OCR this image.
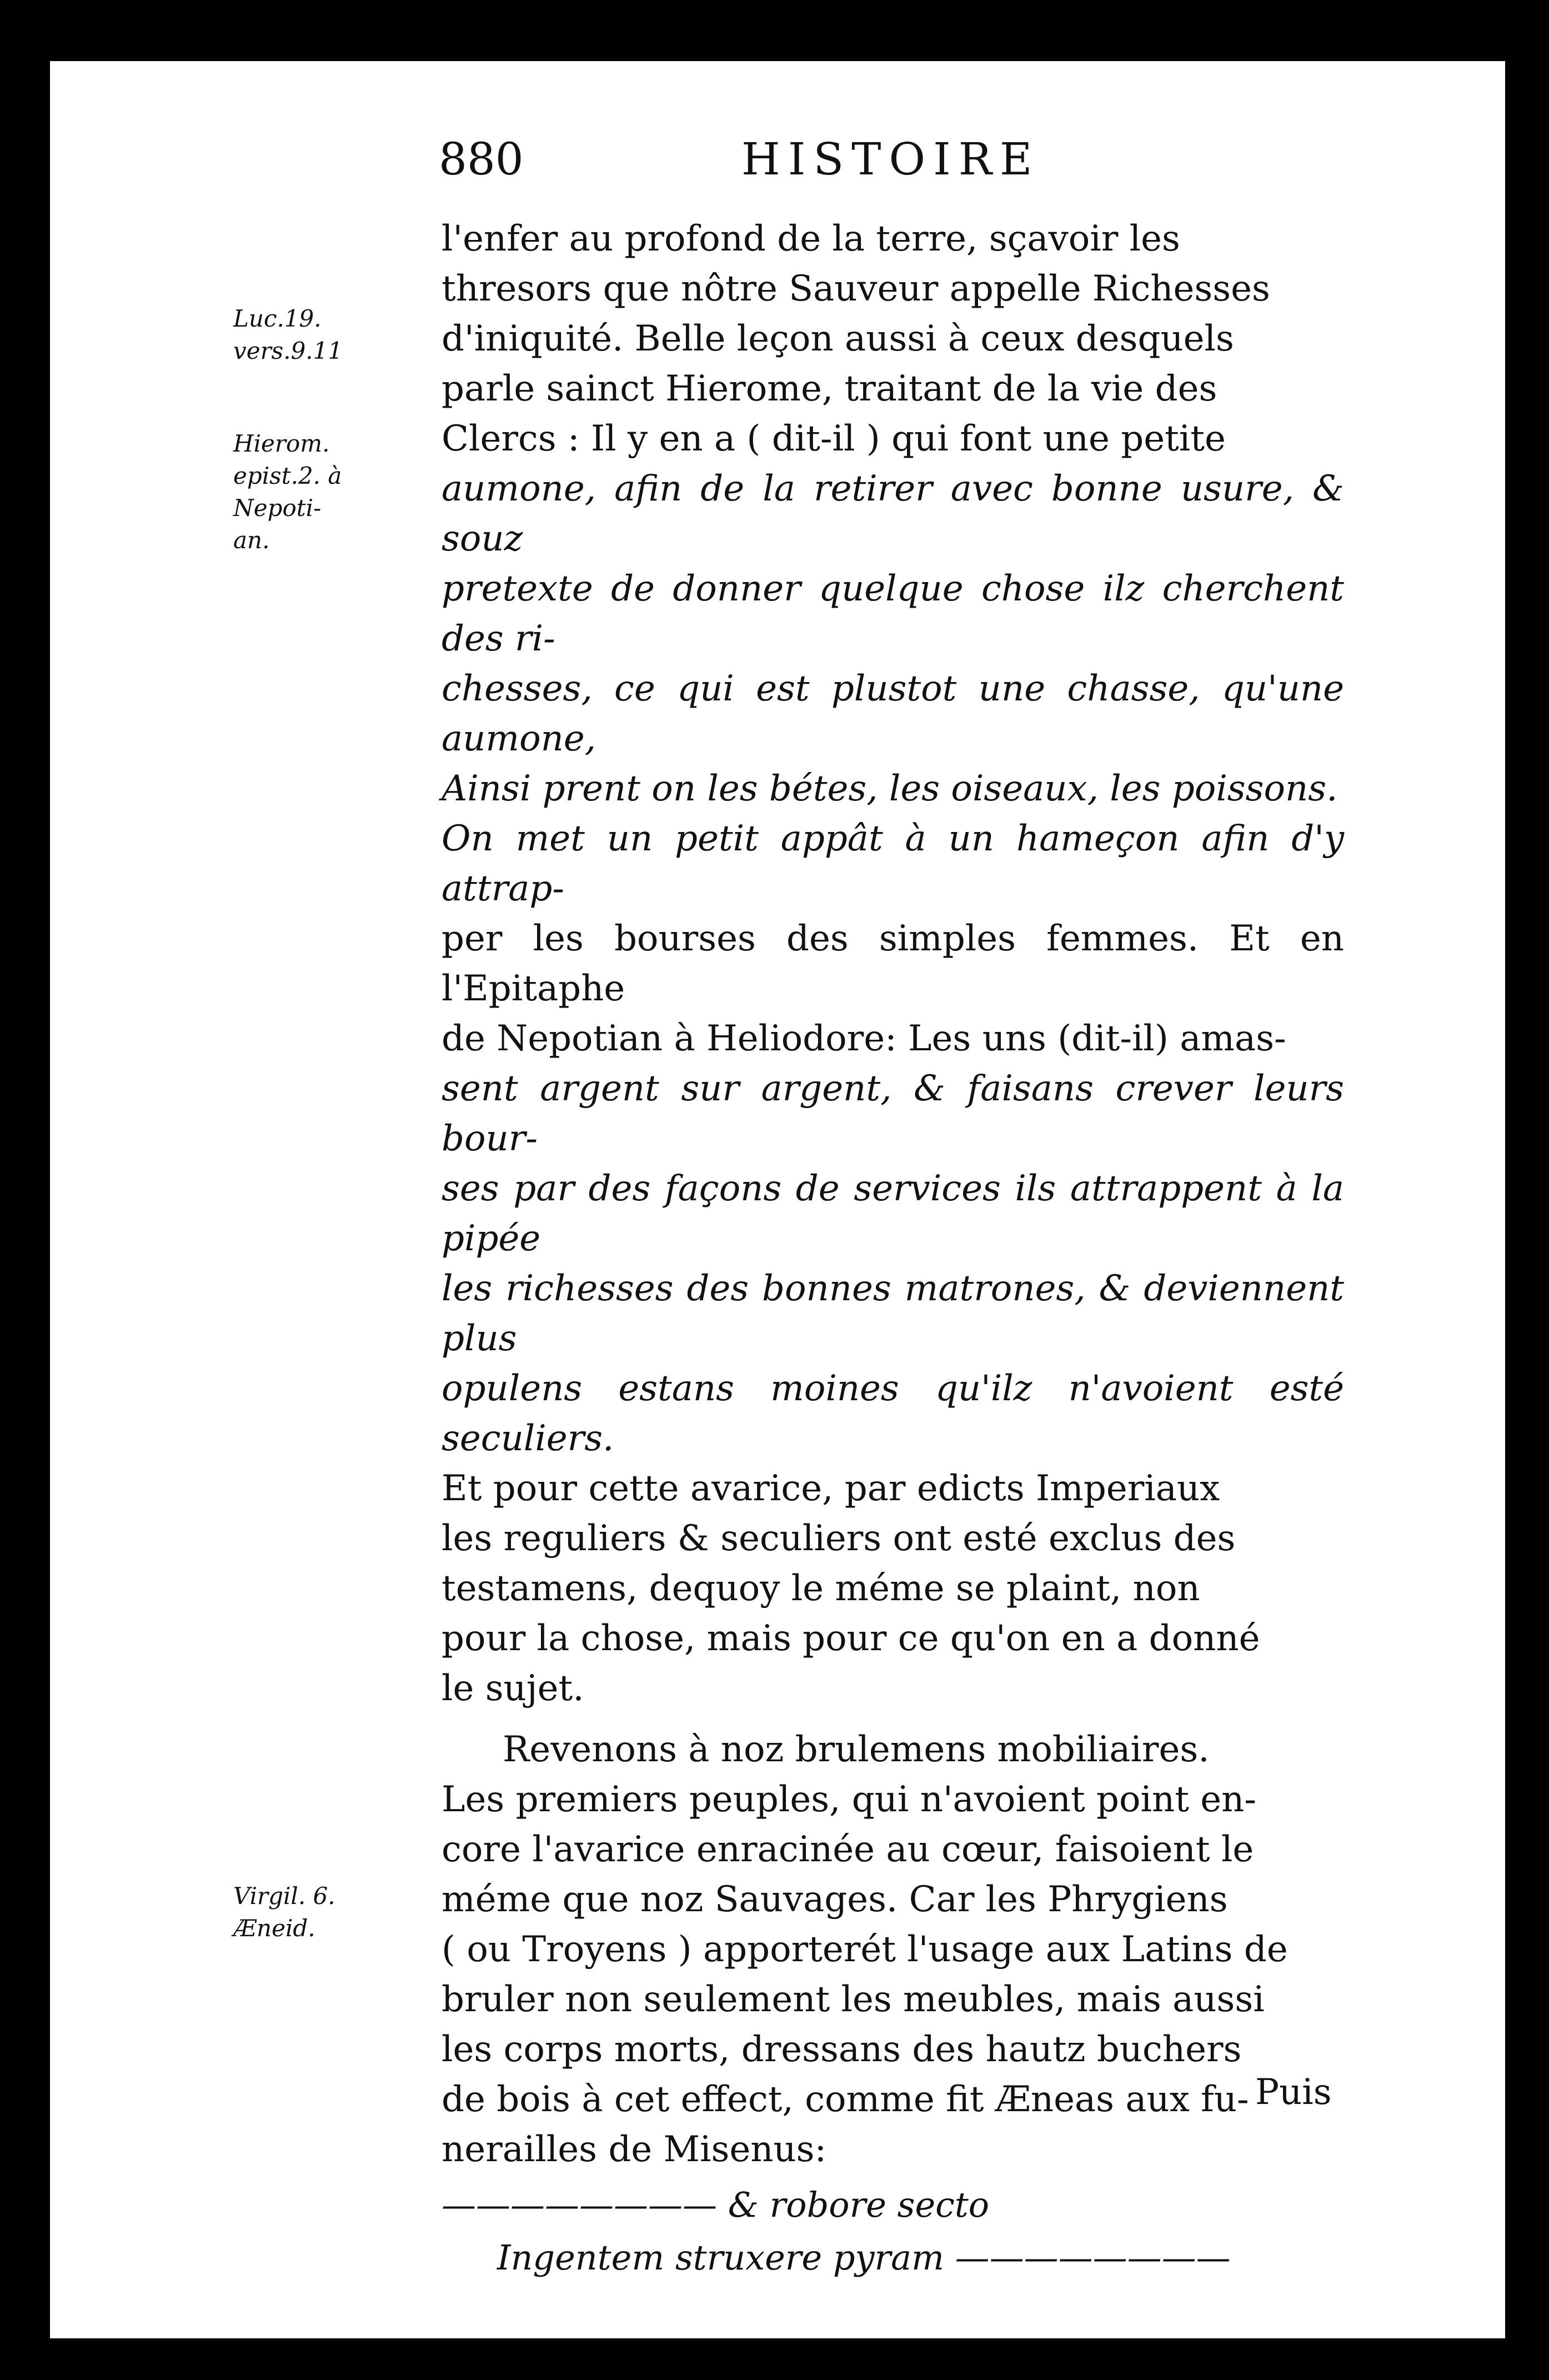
880	HISTOIRE
Luc.19.
vers.9.11
Hierom.
epist.2. à
Nepoti-
an.
Virgil. 6.
Æneid.

l'enfer au profond de la terre, sçavoir les
thresors que nôtre Sauveur appelle Richesses
d'iniquité. Belle leçon aussi à ceux desquels
parle sainct Hierome, traitant de la vie des
Clercs : Il y en a ( dit-il ) qui font une petite
aumone, afin de la retirer avec bonne usure, & souz
pretexte de donner quelque chose ilz cherchent des ri-
chesses, ce qui est plustot une chasse, qu'une aumone,
Ainsi prent on les bétes, les oiseaux, les poissons.
On met un petit appât à un hameçon afin d'y attrap-
per les bourses des simples femmes. Et en l'Epitaphe
de Nepotian à Heliodore: Les uns (dit-il) amas-
sent argent sur argent, & faisans crever leurs bour-
ses par des façons de services ils attrappent à la pipée
les richesses des bonnes matrones, & deviennent plus
opulens estans moines qu'ilz n'avoient esté seculiers.
Et pour cette avarice, par edicts Imperiaux
les reguliers & seculiers ont esté exclus des
testamens, dequoy le méme se plaint, non
pour la chose, mais pour ce qu'on en a donné
le sujet.

Revenons à noz brulemens mobiliaires.
Les premiers peuples, qui n'avoient point en-
core l'avarice enracinée au cœur, faisoient le
méme que noz Sauvages. Car les Phrygiens
( ou Troyens ) apporterét l'usage aux Latins de
bruler non seulement les meubles, mais aussi
les corps morts, dressans des hautz buchers
de bois à cet effect, comme fit Æneas aux fu-
nerailles de Misenus:

———————— & robore secto
Ingentem struxere pyram ————————
Puis
